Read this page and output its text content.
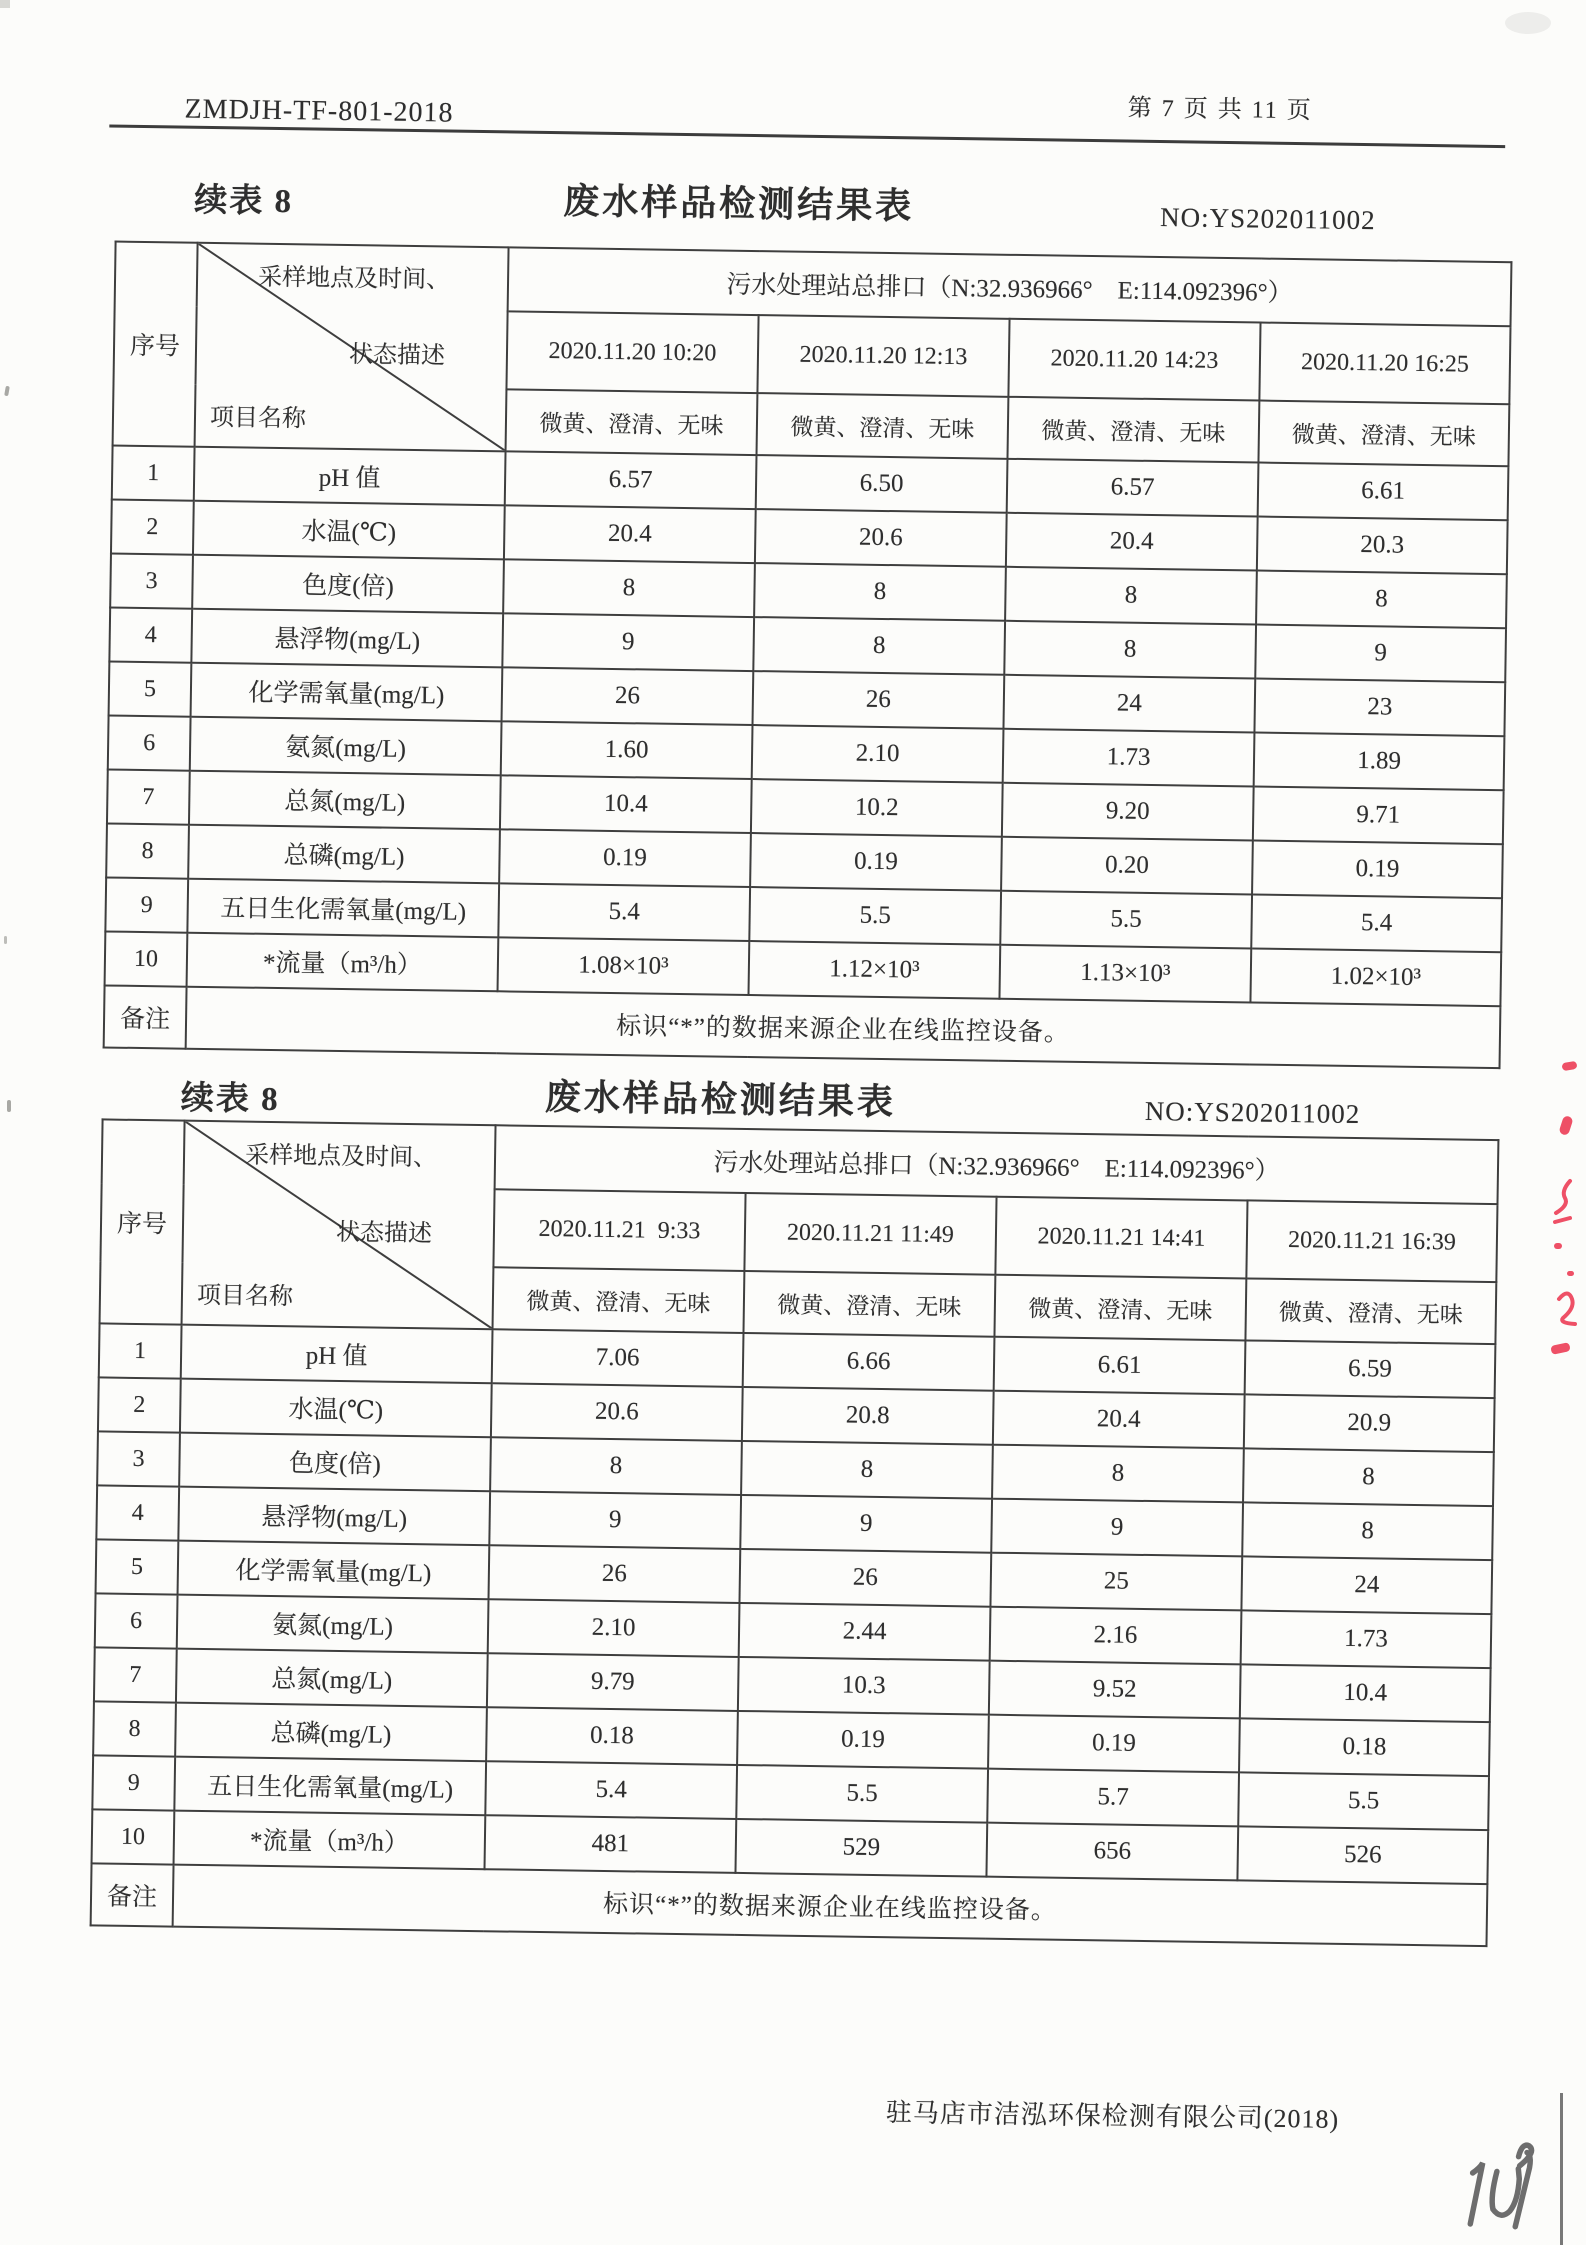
ZMDJH-TF-801-2018	第 7 页 共 11 页
续表 8	废水样品检测结果表	NO:YS202011002
序号	采样地点及时间、
状态描述
项目名称	污水处理站总排口（N:32.936966°    E:114.092396°）			
		2020.11.20 10:20	2020.11.20 12:13	2020.11.20 14:23	2020.11.20 16:25
		微黄、澄清、无味	微黄、澄清、无味	微黄、澄清、无味	微黄、澄清、无味
1	pH 值	6.57	6.50	6.57	6.61
2	水温(℃)	20.4	20.6	20.4	20.3
3	色度(倍)	8	8	8	8
4	悬浮物(mg/L)	9	8	8	9
5	化学需氧量(mg/L)	26	26	24	23
6	氨氮(mg/L)	1.60	2.10	1.73	1.89
7	总氮(mg/L)	10.4	10.2	9.20	9.71
8	总磷(mg/L)	0.19	0.19	0.20	0.19
9	五日生化需氧量(mg/L)	5.4	5.5	5.5	5.4
10	*流量（m³/h）	1.08×10³	1.12×10³	1.13×10³	1.02×10³
备注	标识“*”的数据来源企业在线监控设备。				
续表 8	废水样品检测结果表	NO:YS202011002
序号	采样地点及时间、
状态描述
项目名称	污水处理站总排口（N:32.936966°    E:114.092396°）			
		2020.11.21  9:33	2020.11.21 11:49	2020.11.21 14:41	2020.11.21 16:39
		微黄、澄清、无味	微黄、澄清、无味	微黄、澄清、无味	微黄、澄清、无味
1	pH 值	7.06	6.66	6.61	6.59
2	水温(℃)	20.6	20.8	20.4	20.9
3	色度(倍)	8	8	8	8
4	悬浮物(mg/L)	9	9	9	8
5	化学需氧量(mg/L)	26	26	25	24
6	氨氮(mg/L)	2.10	2.44	2.16	1.73
7	总氮(mg/L)	9.79	10.3	9.52	10.4
8	总磷(mg/L)	0.18	0.19	0.19	0.18
9	五日生化需氧量(mg/L)	5.4	5.5	5.7	5.5
10	*流量（m³/h）	481	529	656	526
备注	标识“*”的数据来源企业在线监控设备。				
驻马店市洁泓环保检测有限公司(2018)
